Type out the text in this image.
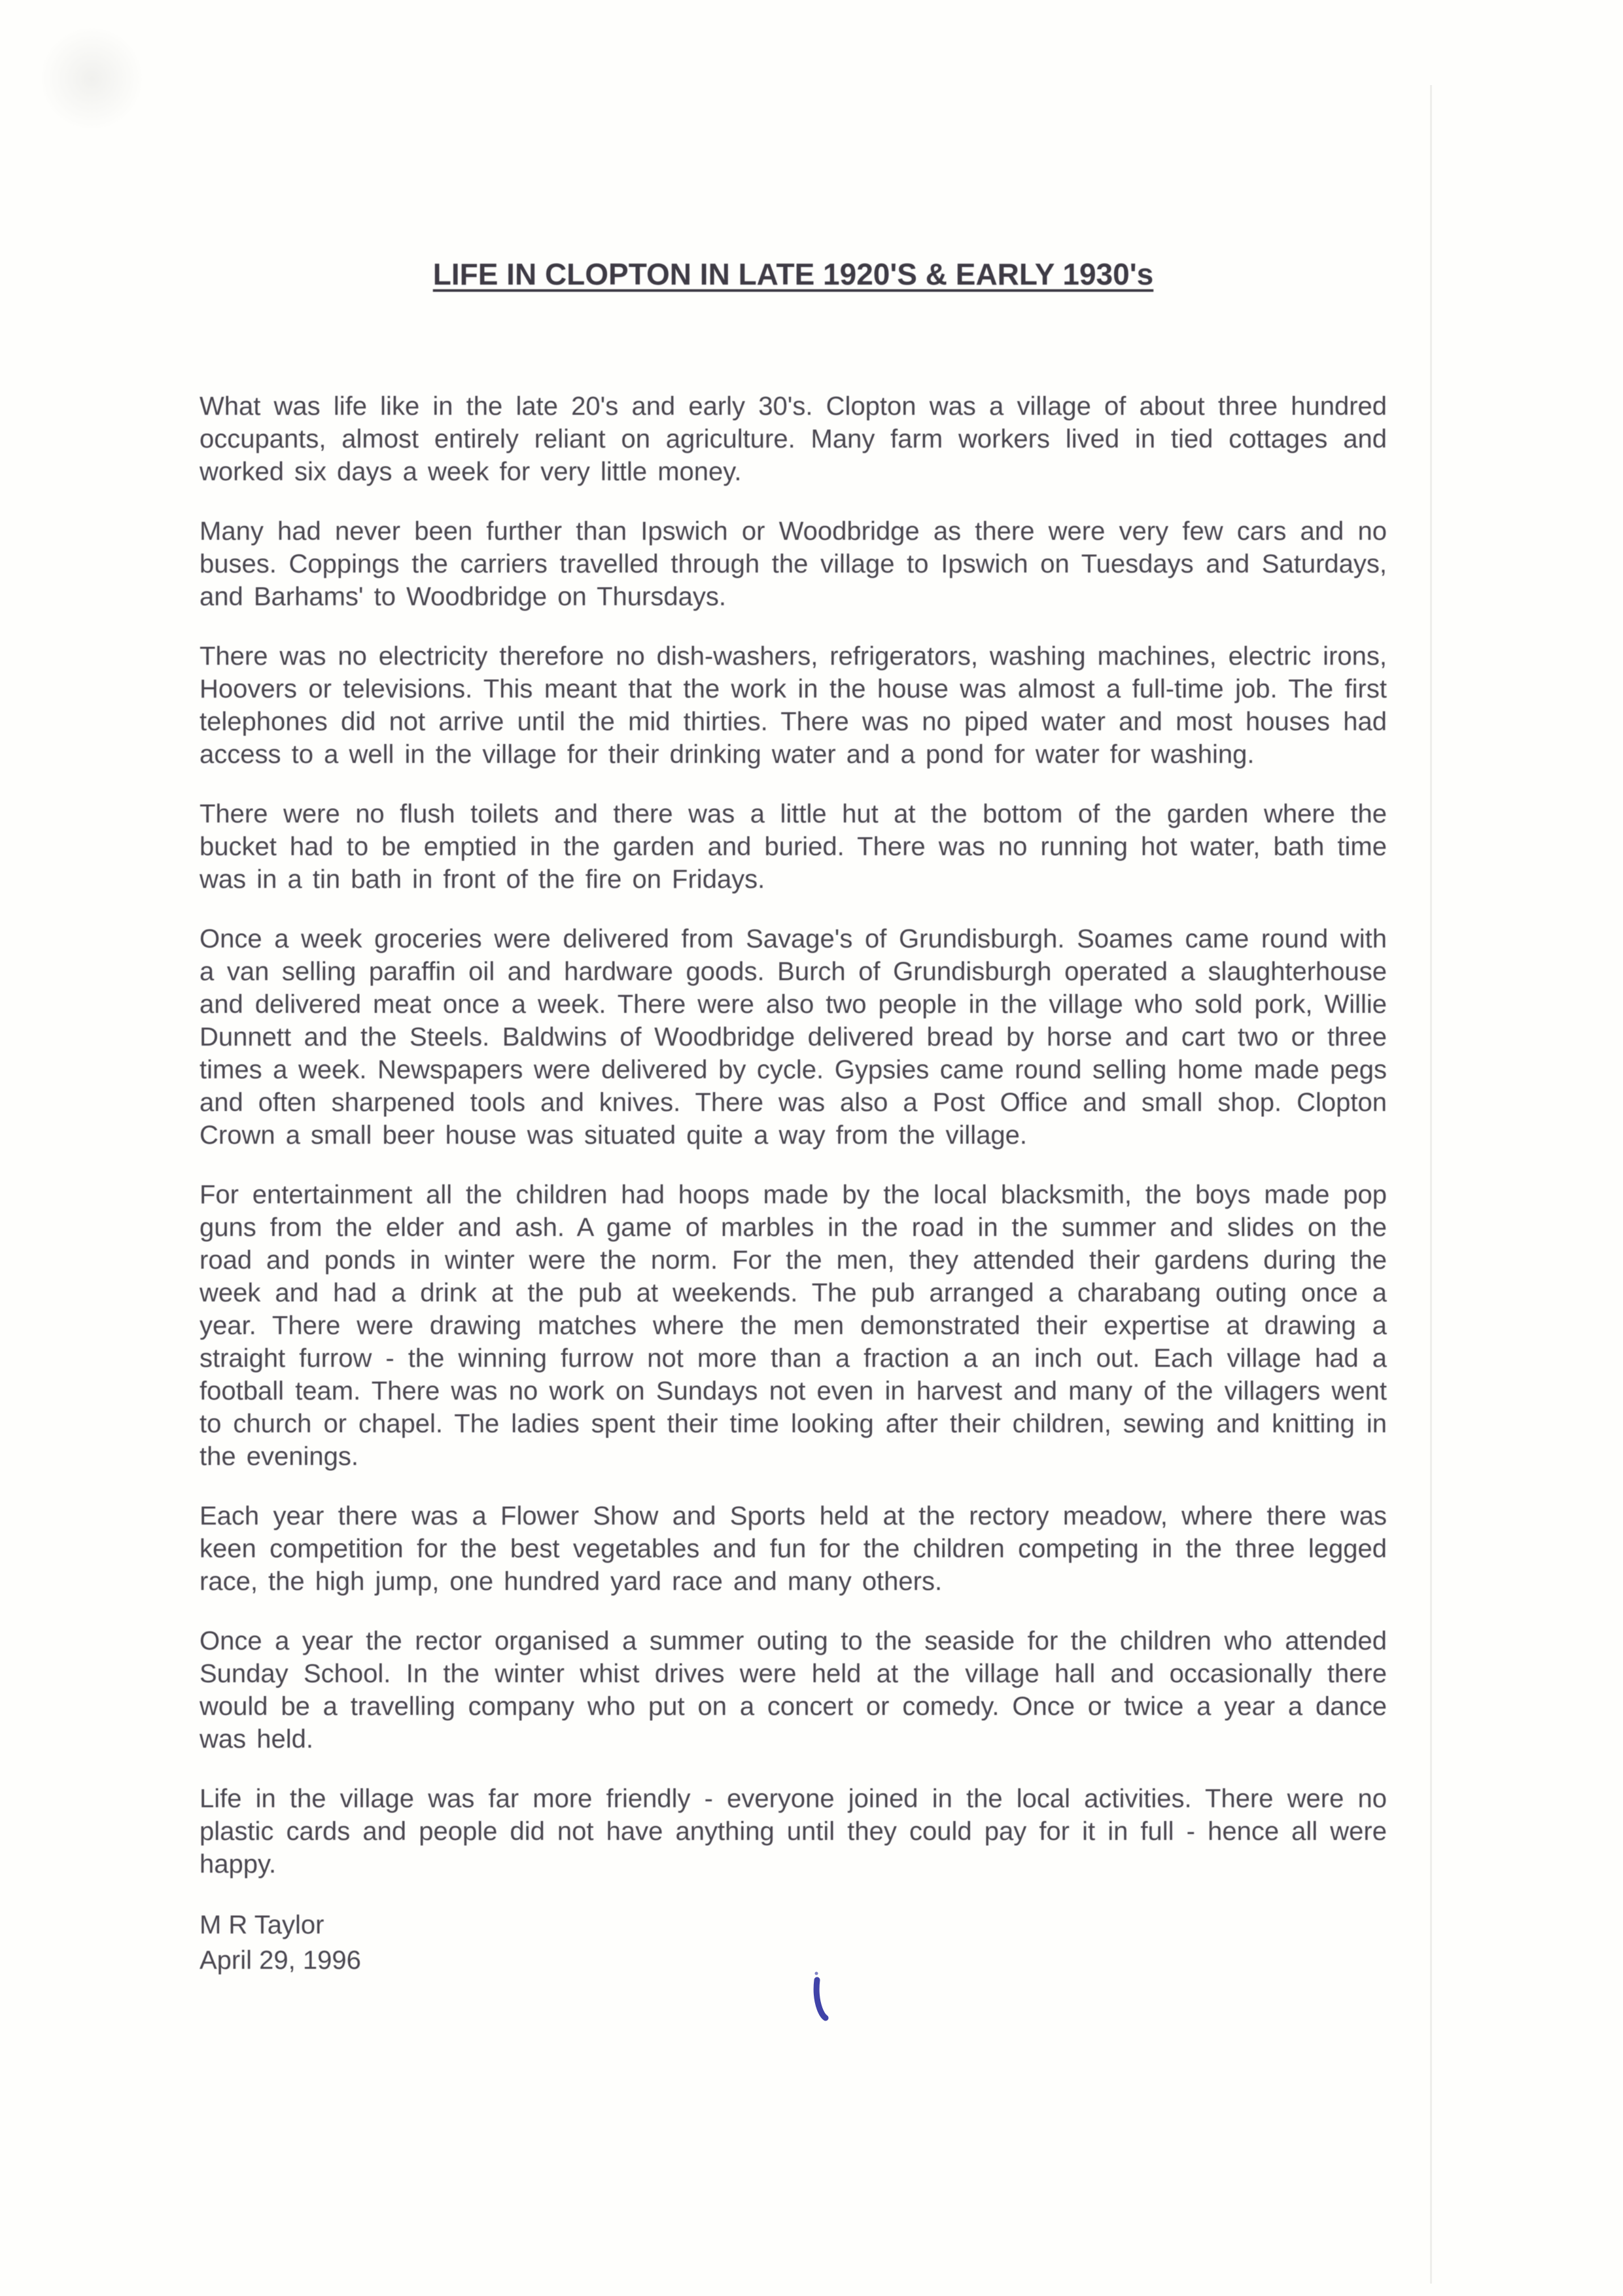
LIFE IN CLOPTON IN LATE 1920'S & EARLY 1930's

What was life like in the late 20's and early 30's. Clopton was a village of about three hundred occupants, almost entirely reliant on agriculture. Many farm workers lived in tied cottages and worked six days a week for very little money.

Many had never been further than Ipswich or Woodbridge as there were very few cars and no buses. Coppings the carriers travelled through the village to Ipswich on Tuesdays and Saturdays, and Barhams' to Woodbridge on Thursdays.

There was no electricity therefore no dish-washers, refrigerators, washing machines, electric irons, Hoovers or televisions. This meant that the work in the house was almost a full-time job. The first telephones did not arrive until the mid thirties. There was no piped water and most houses had access to a well in the village for their drinking water and a pond for water for washing.

There were no flush toilets and there was a little hut at the bottom of the garden where the bucket had to be emptied in the garden and buried. There was no running hot water, bath time was in a tin bath in front of the fire on Fridays.

Once a week groceries were delivered from Savage's of Grundisburgh. Soames came round with a van selling paraffin oil and hardware goods. Burch of Grundisburgh operated a slaughterhouse and delivered meat once a week. There were also two people in the village who sold pork, Willie Dunnett and the Steels. Baldwins of Woodbridge delivered bread by horse and cart two or three times a week. Newspapers were delivered by cycle. Gypsies came round selling home made pegs and often sharpened tools and knives. There was also a Post Office and small shop. Clopton Crown a small beer house was situated quite a way from the village.

For entertainment all the children had hoops made by the local blacksmith, the boys made pop guns from the elder and ash. A game of marbles in the road in the summer and slides on the road and ponds in winter were the norm. For the men, they attended their gardens during the week and had a drink at the pub at weekends. The pub arranged a charabang outing once a year. There were drawing matches where the men demonstrated their expertise at drawing a straight furrow - the winning furrow not more than a fraction a an inch out. Each village had a football team. There was no work on Sundays not even in harvest and many of the villagers went to church or chapel. The ladies spent their time looking after their children, sewing and knitting in the evenings.

Each year there was a Flower Show and Sports held at the rectory meadow, where there was keen competition for the best vegetables and fun for the children competing in the three legged race, the high jump, one hundred yard race and many others.

Once a year the rector organised a summer outing to the seaside for the children who attended Sunday School. In the winter whist drives were held at the village hall and occasionally there would be a travelling company who put on a concert or comedy. Once or twice a year a dance was held.

Life in the village was far more friendly - everyone joined in the local activities. There were no plastic cards and people did not have anything until they could pay for it in full - hence all were happy.

M R Taylor

April 29, 1996
